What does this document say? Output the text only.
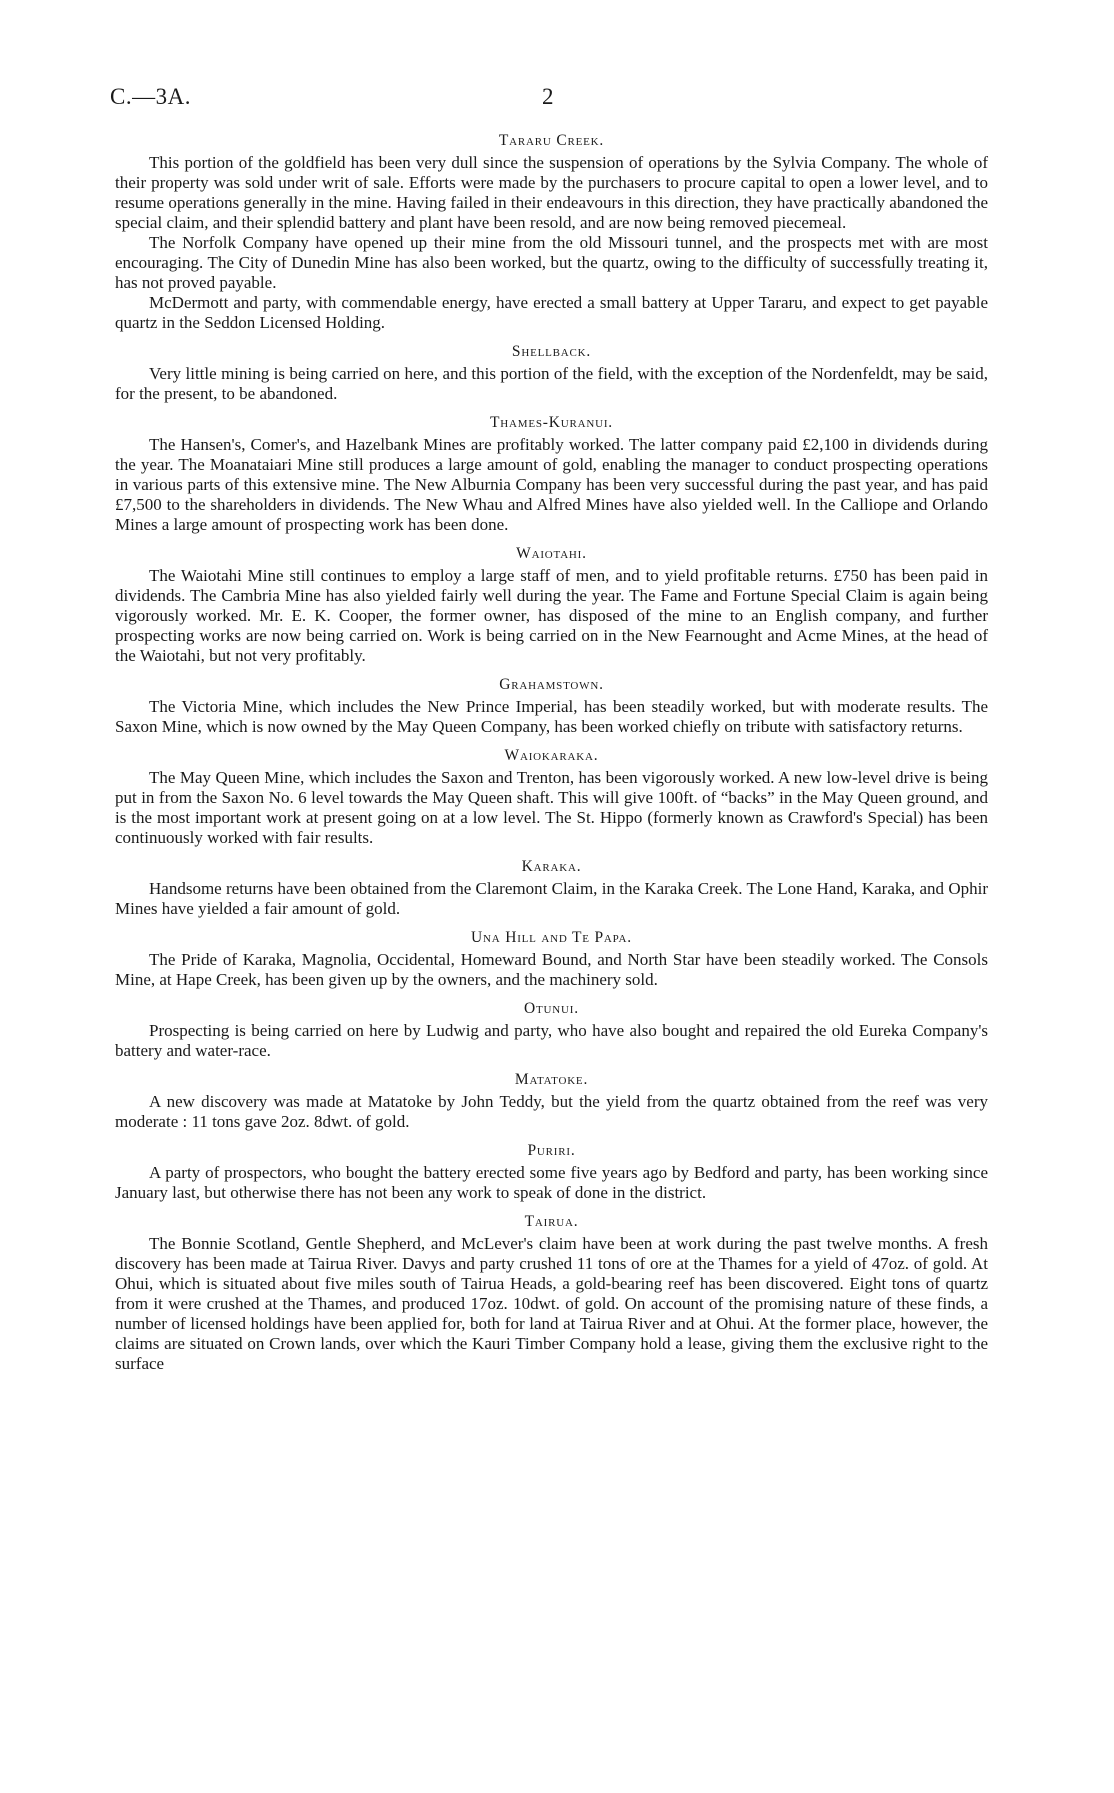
C.—3A.	2
Tararu Creek.

This portion of the goldfield has been very dull since the suspension of operations by the Sylvia Company. The whole of their property was sold under writ of sale. Efforts were made by the purchasers to procure capital to open a lower level, and to resume operations generally in the mine. Having failed in their endeavours in this direction, they have practically abandoned the special claim, and their splendid battery and plant have been resold, and are now being removed piecemeal.

The Norfolk Company have opened up their mine from the old Missouri tunnel, and the prospects met with are most encouraging. The City of Dunedin Mine has also been worked, but the quartz, owing to the difficulty of successfully treating it, has not proved payable.

McDermott and party, with commendable energy, have erected a small battery at Upper Tararu, and expect to get payable quartz in the Seddon Licensed Holding.

Shellback.

Very little mining is being carried on here, and this portion of the field, with the exception of the Nordenfeldt, may be said, for the present, to be abandoned.

Thames-Kuranui.

The Hansen's, Comer's, and Hazelbank Mines are profitably worked. The latter company paid £2,100 in dividends during the year. The Moanataiari Mine still produces a large amount of gold, enabling the manager to conduct prospecting operations in various parts of this extensive mine. The New Alburnia Company has been very successful during the past year, and has paid £7,500 to the shareholders in dividends. The New Whau and Alfred Mines have also yielded well. In the Calliope and Orlando Mines a large amount of prospecting work has been done.

Waiotahi.

The Waiotahi Mine still continues to employ a large staff of men, and to yield profitable returns. £750 has been paid in dividends. The Cambria Mine has also yielded fairly well during the year. The Fame and Fortune Special Claim is again being vigorously worked. Mr. E. K. Cooper, the former owner, has disposed of the mine to an English company, and further prospecting works are now being carried on. Work is being carried on in the New Fearnought and Acme Mines, at the head of the Waiotahi, but not very profitably.

Grahamstown.

The Victoria Mine, which includes the New Prince Imperial, has been steadily worked, but with moderate results. The Saxon Mine, which is now owned by the May Queen Company, has been worked chiefly on tribute with satisfactory returns.

Waiokaraka.

The May Queen Mine, which includes the Saxon and Trenton, has been vigorously worked. A new low-level drive is being put in from the Saxon No. 6 level towards the May Queen shaft. This will give 100ft. of “backs” in the May Queen ground, and is the most important work at present going on at a low level. The St. Hippo (formerly known as Crawford's Special) has been continuously worked with fair results.

Karaka.

Handsome returns have been obtained from the Claremont Claim, in the Karaka Creek. The Lone Hand, Karaka, and Ophir Mines have yielded a fair amount of gold.

Una Hill and Te Papa.

The Pride of Karaka, Magnolia, Occidental, Homeward Bound, and North Star have been steadily worked. The Consols Mine, at Hape Creek, has been given up by the owners, and the machinery sold.

Otunui.

Prospecting is being carried on here by Ludwig and party, who have also bought and repaired the old Eureka Company's battery and water-race.

Matatoke.

A new discovery was made at Matatoke by John Teddy, but the yield from the quartz obtained from the reef was very moderate : 11 tons gave 2oz. 8dwt. of gold.

Puriri.

A party of prospectors, who bought the battery erected some five years ago by Bedford and party, has been working since January last, but otherwise there has not been any work to speak of done in the district.

Tairua.

The Bonnie Scotland, Gentle Shepherd, and McLever's claim have been at work during the past twelve months. A fresh discovery has been made at Tairua River. Davys and party crushed 11 tons of ore at the Thames for a yield of 47oz. of gold. At Ohui, which is situated about five miles south of Tairua Heads, a gold-bearing reef has been discovered. Eight tons of quartz from it were crushed at the Thames, and produced 17oz. 10dwt. of gold. On account of the promising nature of these finds, a number of licensed holdings have been applied for, both for land at Tairua River and at Ohui. At the former place, however, the claims are situated on Crown lands, over which the Kauri Timber Company hold a lease, giving them the exclusive right to the surface
